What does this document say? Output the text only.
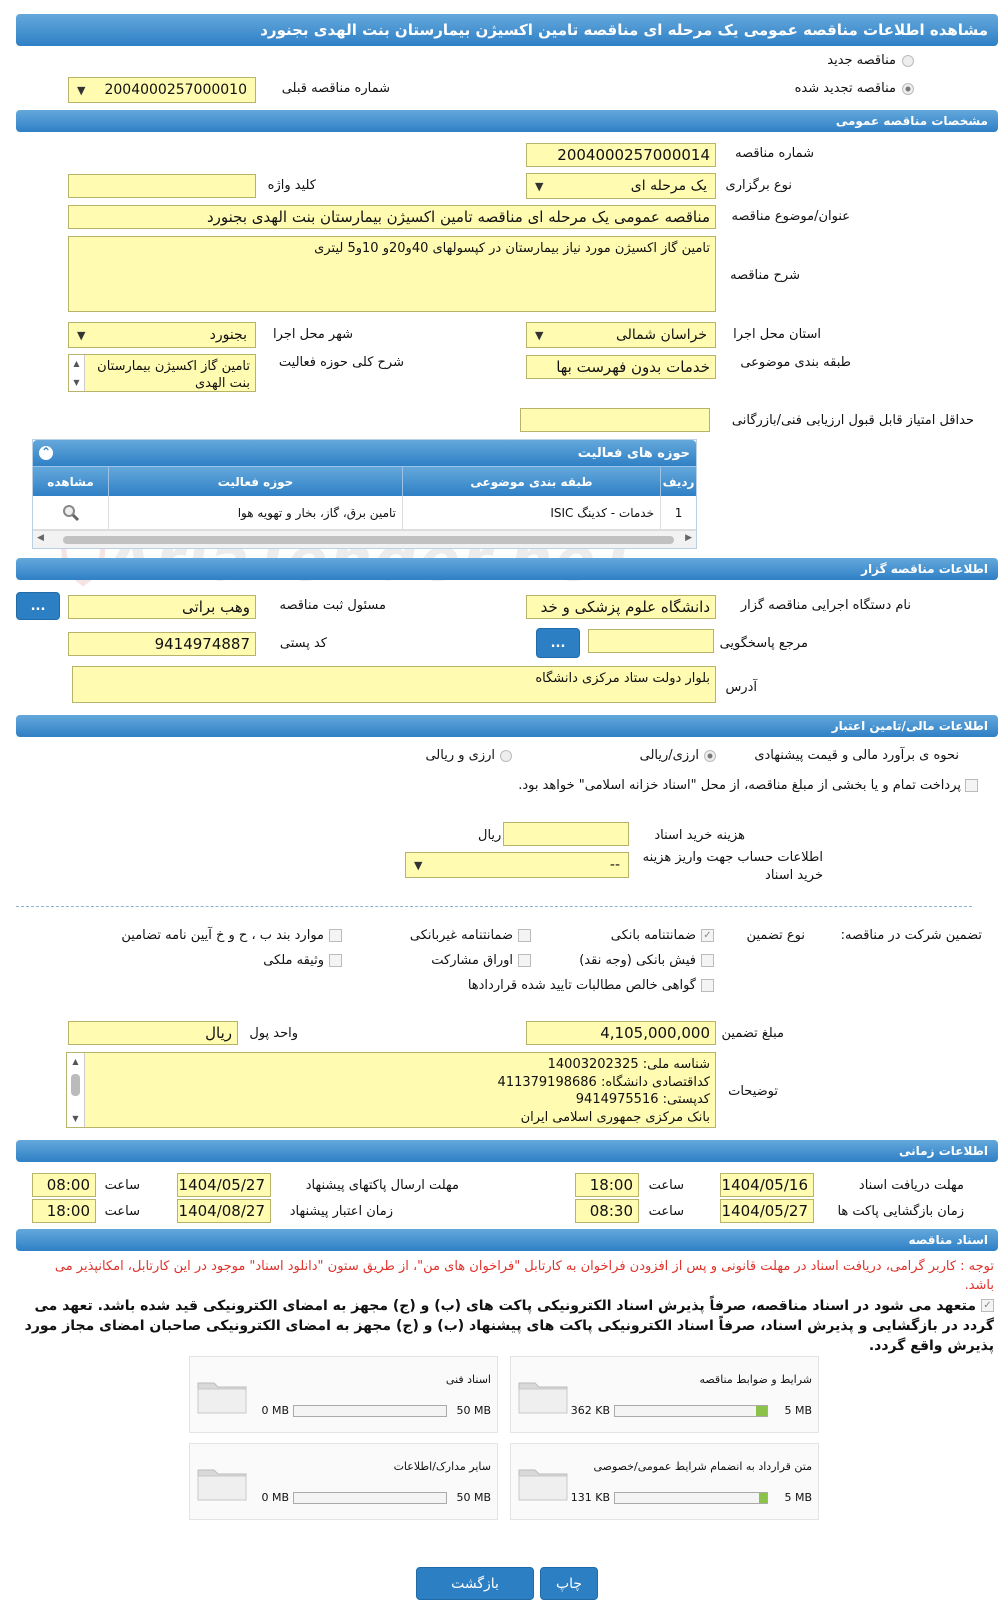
مشاهده اطلاعات مناقصه عمومی یک مرحله ای مناقصه تامین اکسیژن بیمارستان بنت الهدی بجنورد
مناقصه جدید
مناقصه تجدید شده
شماره مناقصه قبلی
2004000257000010
▼
مشخصات مناقصه عمومی
شماره مناقصه
2004000257000014
نوع برگزاری
یک مرحله ای
▼
کلید واژه
عنوان/موضوع مناقصه
مناقصه عمومی یک مرحله ای مناقصه تامین اکسیژن بیمارستان بنت الهدی بجنورد
شرح مناقصه
تامین گاز اکسیژن مورد نیاز بیمارستان در کپسولهای 40و20و 10و5 لیتری
استان محل اجرا
خراسان شمالی
▼
شهر محل اجرا
بجنورد
▼
طبقه بندی موضوعی
خدمات بدون فهرست بها
شرح کلی حوزه فعالیت
تامین گاز اکسیژن بیمارستان بنت الهدی
▲
▼
حداقل امتیاز قابل قبول ارزیابی فنی/بازرگانی
حوزه های فعالیت
⌃
ردیف
طبقه بندی موضوعی
حوزه فعالیت
مشاهده
1
خدمات - کدینگ ISIC
تامین برق، گاز، بخار و تهویه هوا
◀	▶
اطلاعات مناقصه گزار
نام دستگاه اجرایی مناقصه گزار
دانشگاه علوم پزشکی و خد
مسئول ثبت مناقصه
وهب براتی
...
مرجع پاسخگویی
...
کد پستی
9414974887
آدرس
بلوار دولت ستاد مرکزی دانشگاه
اطلاعات مالی/تامین اعتبار
نحوه ی برآورد مالی و قیمت پیشنهادی
ارزی/ریالی
ارزی و ریالی
پرداخت تمام و یا بخشی از مبلغ مناقصه، از محل "اسناد خزانه اسلامی" خواهد بود.
هزینه خرید اسناد
ریال
اطلاعات حساب جهت واریز هزینه خرید اسناد
--
▼
تضمین شرکت در مناقصه:
نوع تضمین
✓
ضمانتنامه بانکی
ضمانتنامه غیربانکی
موارد بند ب ، ح و خ آیین نامه تضامین
فیش بانکی (وجه نقد)
اوراق مشارکت
وثیقه ملکی
گواهی خالص مطالبات تایید شده قراردادها
مبلغ تضمین
4,105,000,000
واحد پول
ریال
توضیحات
شناسه ملی: 14003202325
کداقتصادی دانشگاه: 411379198686
کدپستی: 9414975516
بانک مرکزی جمهوری اسلامی ایران
▲
▼
اطلاعات زمانی
مهلت دریافت اسناد
1404/05/16
ساعت
18:00
مهلت ارسال پاکتهای پیشنهاد
1404/05/27
ساعت
08:00
زمان بازگشایی پاکت ها
1404/05/27
ساعت
08:30
زمان اعتبار پیشنهاد
1404/08/27
ساعت
18:00
اسناد مناقصه
توجه : کاربر گرامی، دریافت اسناد در مهلت قانونی و پس از افزودن فراخوان به کارتابل "فراخوان های من"، از طریق ستون "دانلود اسناد" موجود در این کارتابل، امکانپذیر می باشد.
✓
متعهد می شود در اسناد مناقصه، صرفاً پذیرش اسناد الکترونیکی پاکت های (ب) و (ج) مجهز به امضای الکترونیکی قید شده باشد. تعهد می گردد در بازگشایی و پذیرش اسناد، صرفاً اسناد الکترونیکی پاکت های پیشنهاد (ب) و (ج) مجهز به امضای الکترونیکی صاحبان امضای مجاز مورد پذیرش واقع گردد.
شرایط و ضوابط مناقصه
5 MB
362 KB
اسناد فنی
50 MB
0 MB
متن قرارداد به انضمام شرایط عمومی/خصوصی
5 MB
131 KB
سایر مدارک/اطلاعات
50 MB
0 MB
چاپ
بازگشت
